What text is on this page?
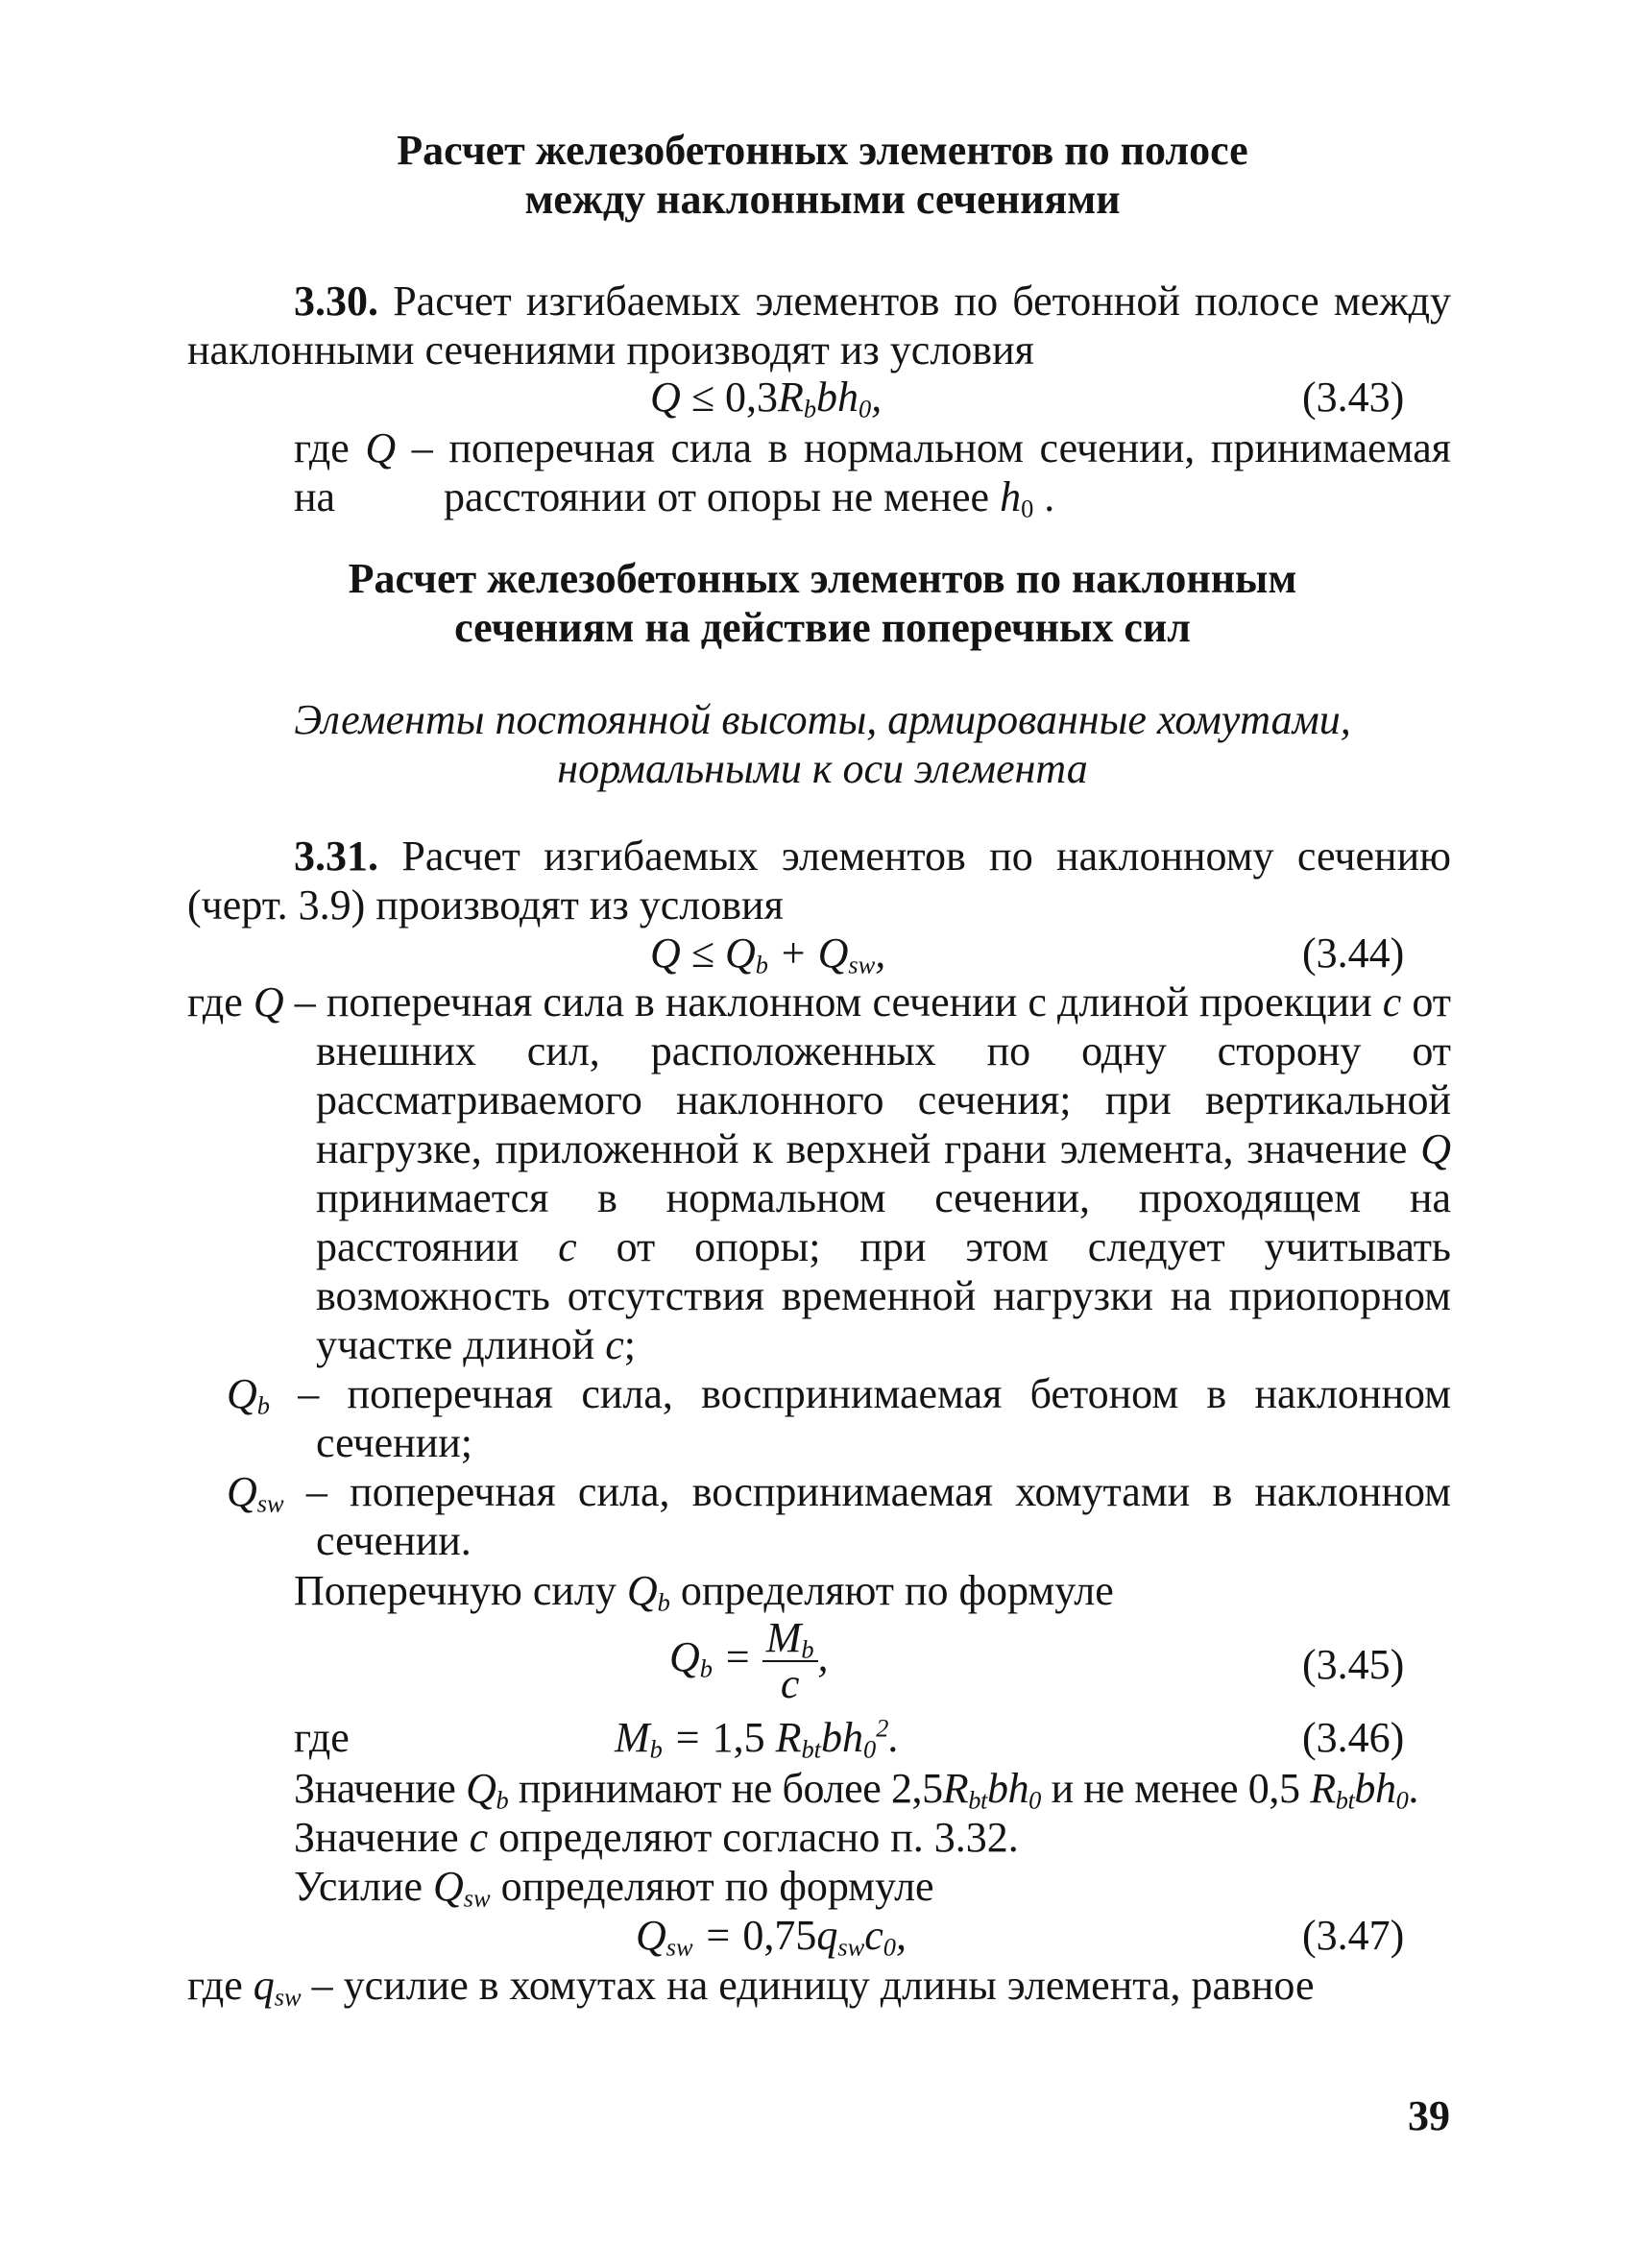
Расчет железобетонных элементов по полосе
между наклонными сечениями
3.30. Расчет изгибаемых элементов по бетонной полосе между
наклонными сечениями производят из условия
$Q \le 0,3R_bbh_0$,	(3.43)
где Q – поперечная сила в нормальном сечении, принимаемая на	расстоянии от опоры не менее $h_0$ .
Расчет железобетонных элементов по наклонным
сечениям на действие поперечных сил
Элементы постоянной высоты, армированные хомутами,
нормальными к оси элемента
3.31. Расчет изгибаемых элементов по наклонному сечению
(черт. 3.9) производят из условия
$Q \le Q_b + Q_{sw}$,	(3.44)
где Q – поперечная сила в наклонном сечении с длиной проекции c от
внешних сил, расположенных по одну сторону от
рассматриваемого наклонного сечения; при вертикальной
нагрузке, приложенной к верхней грани элемента, значение Q
принимается в нормальном сечении, проходящем на
расстоянии c от опоры; при этом следует учитывать
возможность отсутствия временной нагрузки на приопорном
участке длиной c;
$Q_b$ – поперечная сила, воспринимаемая бетоном в наклонном
сечении;
$Q_{sw}$ – поперечная сила, воспринимаемая хомутами в наклонном
сечении.
Поперечную силу $Q_b$ определяют по формуле
$Q_b = \frac{M_b}{c}$ ,	(3.45)
где	$M_b = 1,5$ $R_{bt}bh_0^2$.	(3.46)
Значение $Q_b$ принимают не более $2,5R_{bt}bh_0$ и не менее 0,5 $R_{bt}bh_0$.
Значение c определяют согласно п. 3.32.
Усилие $Q_{sw}$ определяют по формуле
$Q_{sw} = 0,75q_{sw}c_0$,	(3.47)
где $q_{sw}$ – усилие в хомутах на единицу длины элемента, равное
39
